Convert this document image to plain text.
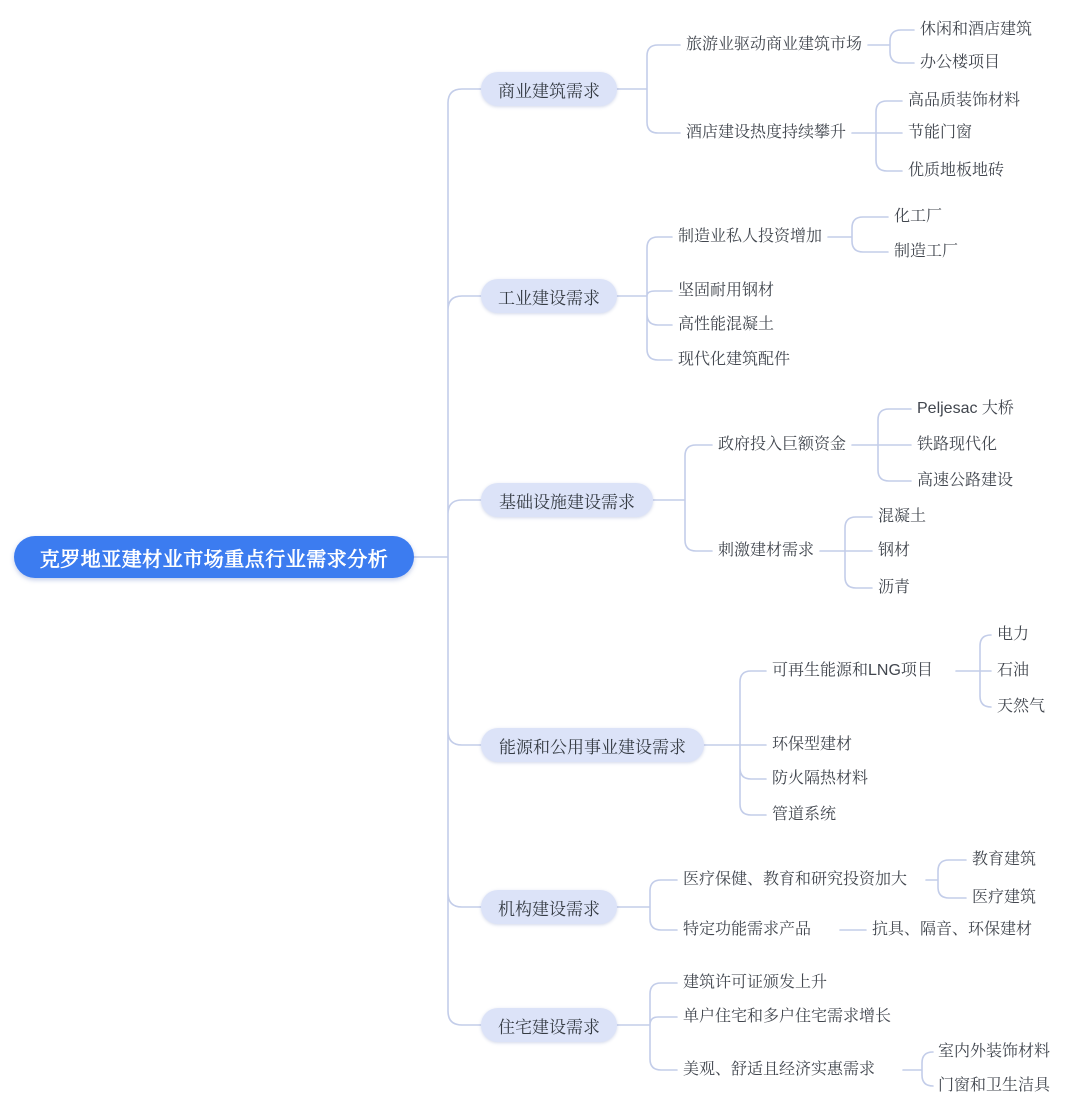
克罗地亚建材业市场重点行业需求分析
商业建筑需求
工业建设需求
基础设施建设需求
能源和公用事业建设需求
机构建设需求
住宅建设需求
旅游业驱动商业建筑市场
休闲和酒店建筑
办公楼项目
酒店建设热度持续攀升
高品质装饰材料
节能门窗
优质地板地砖
制造业私人投资增加
化工厂
制造工厂
坚固耐用钢材
高性能混凝土
现代化建筑配件
政府投入巨额资金
Peljesac 大桥
铁路现代化
高速公路建设
刺激建材需求
混凝土
钢材
沥青
可再生能源和LNG项目
电力
石油
天然气
环保型建材
防火隔热材料
管道系统
医疗保健、教育和研究投资加大
教育建筑
医疗建筑
特定功能需求产品	抗具、隔音、环保建材
建筑许可证颁发上升
单户住宅和多户住宅需求增长
美观、舒适且经济实惠需求
室内外装饰材料
门窗和卫生洁具
